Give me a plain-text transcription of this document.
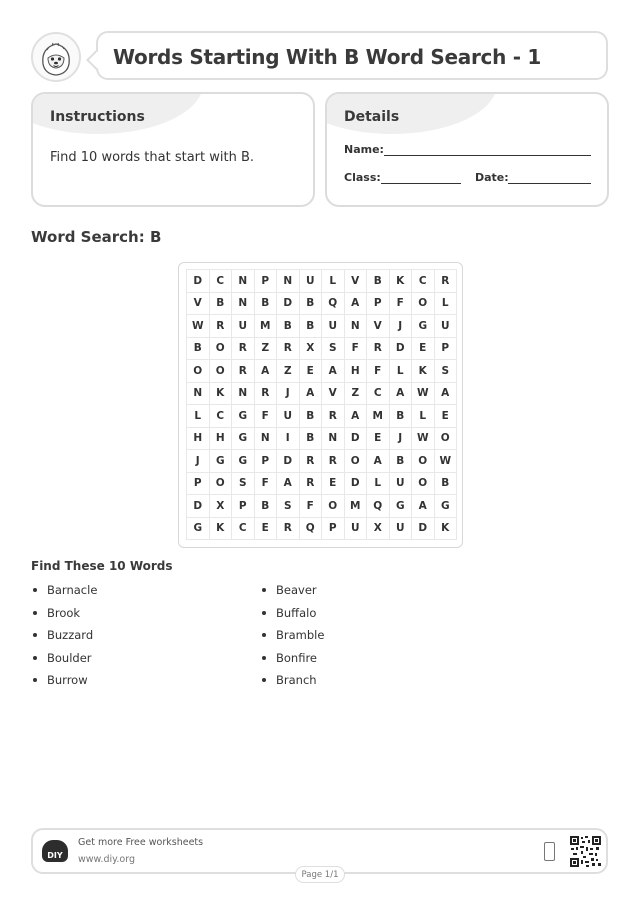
Words Starting With B Word Search - 1
Instructions
Find 10 words that start with B.
Details
Name:
Class:	Date:
Word Search: B
D	C	N	P	N	U	L	V	B	K	C	R
V	B	N	B	D	B	Q	A	P	F	O	L
W	R	U	M	B	B	U	N	V	J	G	U
B	O	R	Z	R	X	S	F	R	D	E	P
O	O	R	A	Z	E	A	H	F	L	K	S
N	K	N	R	J	A	V	Z	C	A	W	A
L	C	G	F	U	B	R	A	M	B	L	E
H	H	G	N	I	B	N	D	E	J	W	O
J	G	G	P	D	R	R	O	A	B	O	W
P	O	S	F	A	R	E	D	L	U	O	B
D	X	P	B	S	F	O	M	Q	G	A	G
G	K	C	E	R	Q	P	U	X	U	D	K
Find These 10 Words
Barnacle
Brook
Buzzard
Boulder
Burrow
Beaver
Buffalo
Bramble
Bonfire
Branch
DIY
Get more Free worksheets
www.diy.org
Page 1/1
